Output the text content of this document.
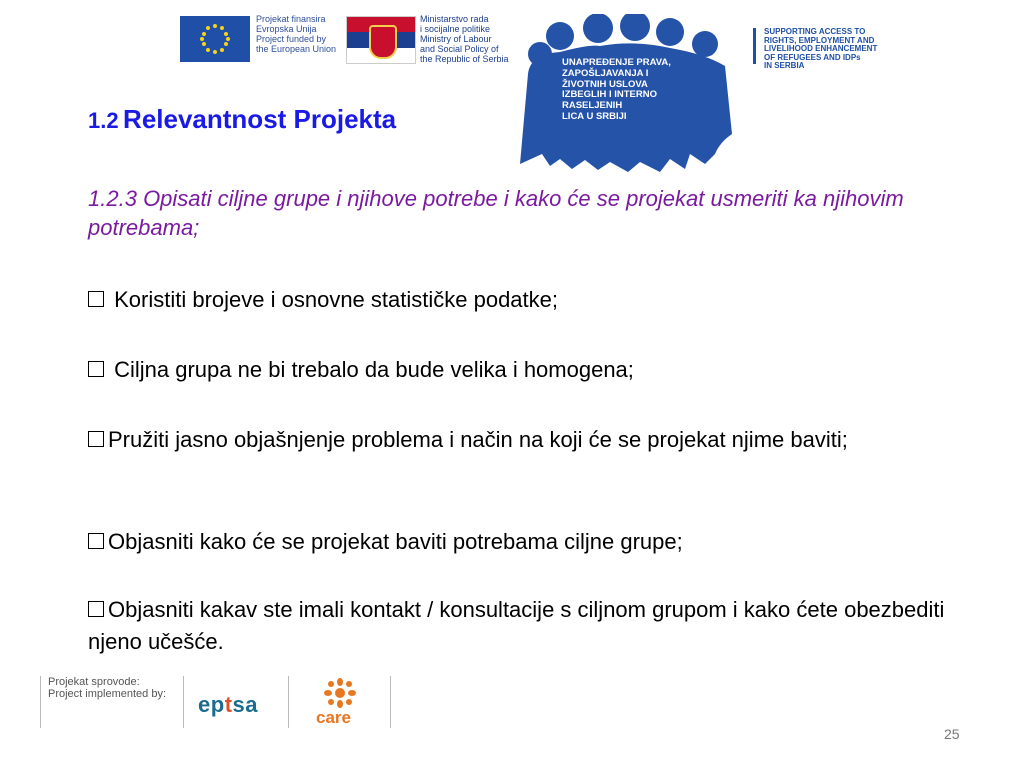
Projekat finansira
Evropska Unija
Project funded by
the European Union
Ministarstvo rada
i socijalne politike
Ministry of Labour
and Social Policy of
the Republic of Serbia	UNAPREĐENJE PRAVA,
ZAPOŠLJAVANJA I
ŽIVOTNIH USLOVA
IZBEGLIH I INTERNO
RASELJENIH
LICA U SRBIJI
SUPPORTING ACCESS TO
RIGHTS, EMPLOYMENT AND
LIVELIHOOD ENHANCEMENT
OF REFUGEES AND IDPs
IN SERBIA
1.2 Relevantnost Projekta
1.2.3 Opisati ciljne grupe i njihove potrebe i kako će se projekat usmeriti ka njihovim potrebama;
Koristiti brojeve i osnovne statističke podatke;
Ciljna grupa ne bi trebalo da bude velika i homogena;
Pružiti jasno objašnjenje problema i način na koji će se projekat njime baviti;
Objasniti kako će se projekat baviti potrebama ciljne grupe;
Objasniti kakav ste imali kontakt / konsultacije s ciljnom grupom i kako ćete obezbediti njeno učešće.
Projekat sprovode:
Project implemented by: eptsa
care
25
